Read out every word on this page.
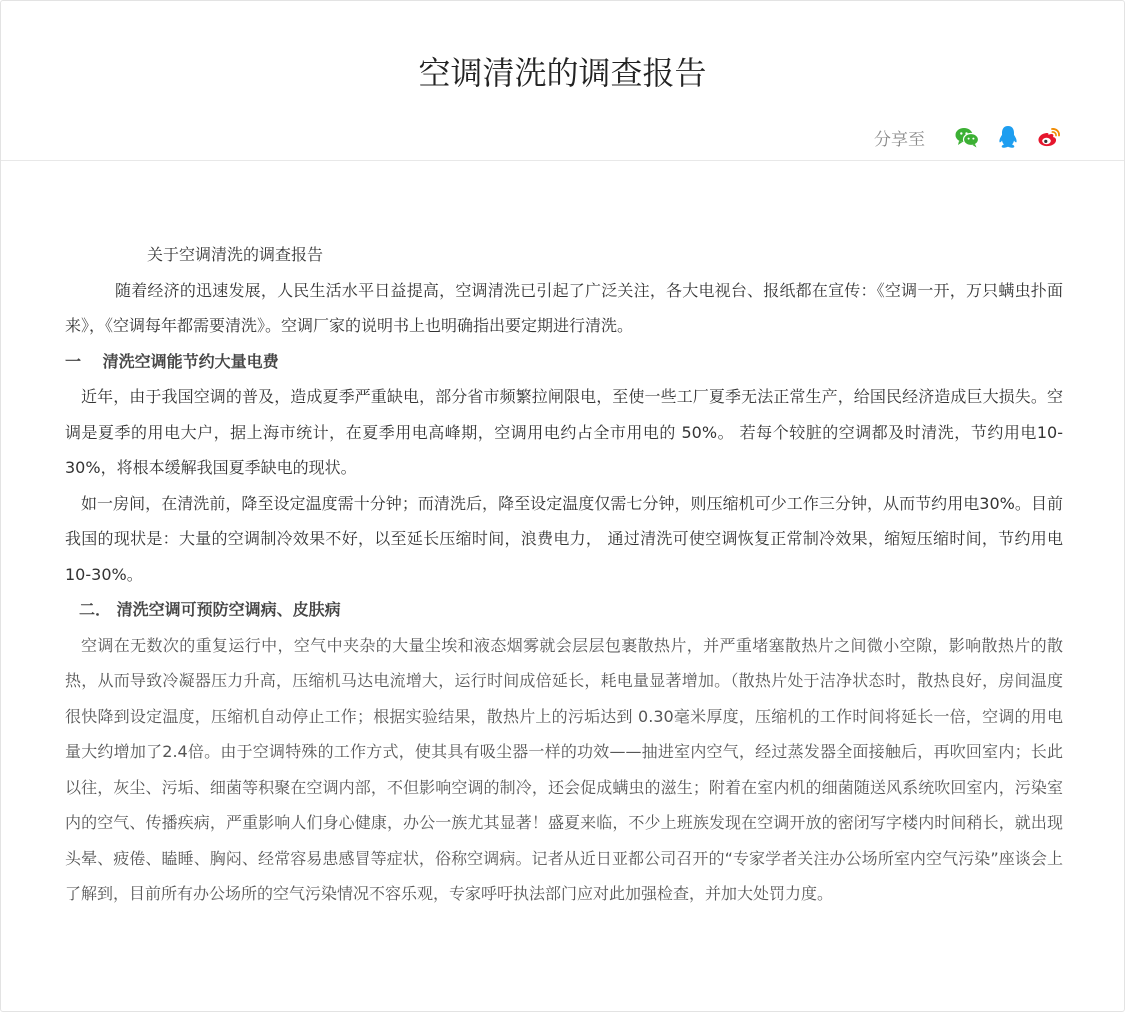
空调清洗的调查报告
分享至

关于空调清洗的调查报告

随着经济的迅速发展，人民生活水平日益提高，空调清洗已引起了广泛关注，各大电视台、报纸都在宣传：《空调一开，万只螨虫扑面来》，《空调每年都需要清洗》。空调厂家的说明书上也明确指出要定期进行清洗。

一　 清洗空调能节约大量电费

近年，由于我国空调的普及，造成夏季严重缺电，部分省市频繁拉闸限电，至使一些工厂夏季无法正常生产，给国民经济造成巨大损失。空调是夏季的用电大户，据上海市统计，在夏季用电高峰期，空调用电约占全市用电的 50%。 若每个较脏的空调都及时清洗，节约用电10-30%，将根本缓解我国夏季缺电的现状。

如一房间，在清洗前，降至设定温度需十分钟；而清洗后，降至设定温度仅需七分钟，则压缩机可少工作三分钟，从而节约用电30%。目前我国的现状是：大量的空调制冷效果不好，以至延长压缩时间，浪费电力， 通过清洗可使空调恢复正常制冷效果，缩短压缩时间，节约用电10-30%。

二． 清洗空调可预防空调病、皮肤病

空调在无数次的重复运行中，空气中夹杂的大量尘埃和液态烟雾就会层层包裹散热片，并严重堵塞散热片之间微小空隙，影响散热片的散热，从而导致冷凝器压力升高，压缩机马达电流增大，运行时间成倍延长，耗电量显著增加。（散热片处于洁净状态时，散热良好，房间温度很快降到设定温度，压缩机自动停止工作；根据实验结果，散热片上的污垢达到 0.30毫米厚度，压缩机的工作时间将延长一倍，空调的用电量大约增加了2.4倍。由于空调特殊的工作方式，使其具有吸尘器一样的功效——抽进室内空气，经过蒸发器全面接触后，再吹回室内；长此以往，灰尘、污垢、细菌等积聚在空调内部，不但影响空调的制冷，还会促成螨虫的滋生；附着在室内机的细菌随送风系统吹回室内，污染室内的空气、传播疾病，严重影响人们身心健康，办公一族尤其显著！盛夏来临，不少上班族发现在空调开放的密闭写字楼内时间稍长，就出现头晕、疲倦、瞌睡、胸闷、经常容易患感冒等症状，俗称空调病。记者从近日亚都公司召开的“专家学者关注办公场所室内空气污染”座谈会上了解到，目前所有办公场所的空气污染情况不容乐观，专家呼吁执法部门应对此加强检查，并加大处罚力度。
